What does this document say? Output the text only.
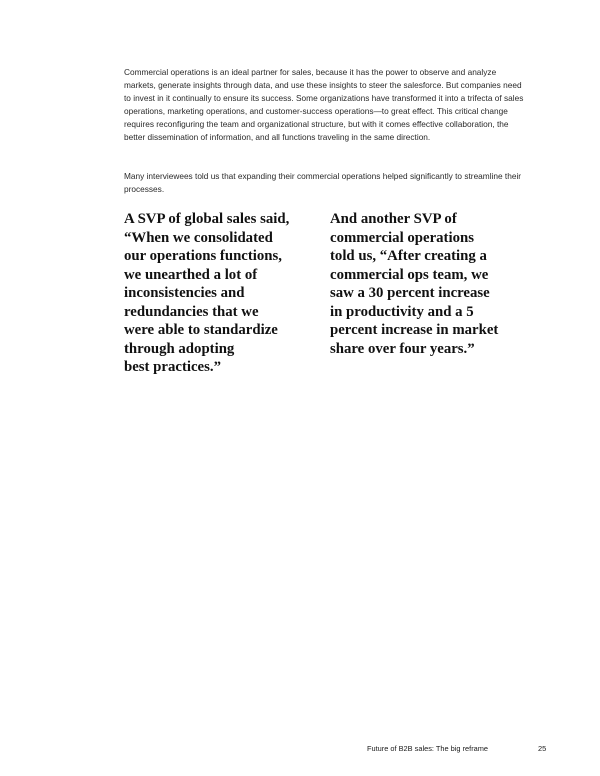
Commercial operations is an ideal partner for sales, because it has the power to observe and analyze markets, generate insights through data, and use these insights to steer the salesforce. But companies need to invest in it continually to ensure its success. Some organizations have transformed it into a trifecta of sales operations, marketing operations, and customer-success operations—to great effect. This critical change requires reconfiguring the team and organizational structure, but with it comes effective collaboration, the better dissemination of information, and all functions traveling in the same direction.

Many interviewees told us that expanding their commercial operations helped significantly to streamline their processes.

A SVP of global sales said,
“When we consolidated
our operations functions,
we unearthed a lot of
inconsistencies and
redundancies that we
were able to standardize
through adopting
best practices.”

And another SVP of
commercial operations
told us, “After creating a
commercial ops team, we
saw a 30 percent increase
in productivity and a 5
percent increase in market
share over four years.”

Future of B2B sales: The big reframe	25
